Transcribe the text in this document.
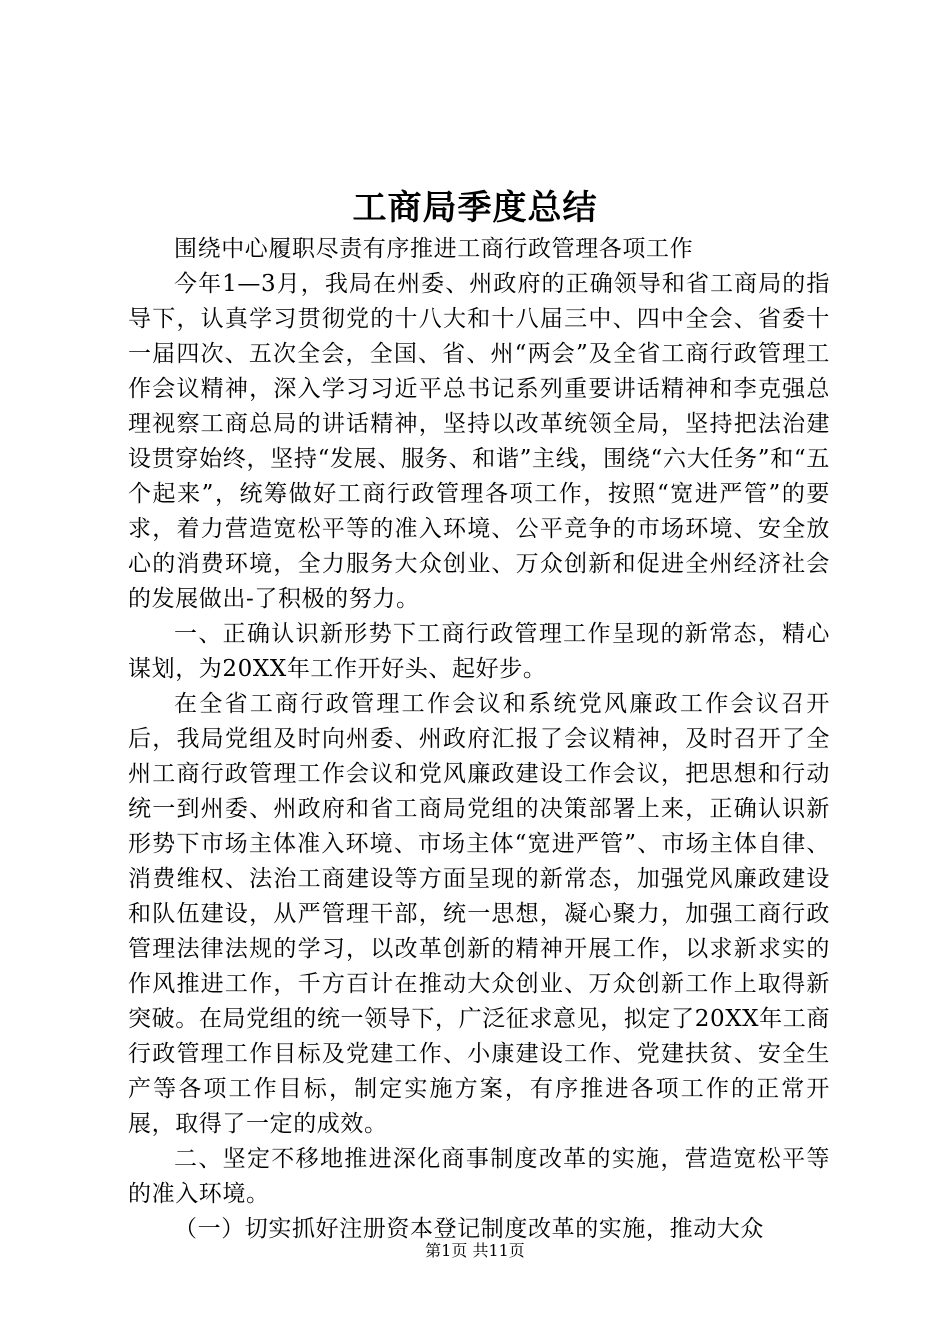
工商局季度总结

围绕中心履职尽责有序推进工商行政管理各项工作

今年1—3月，我局在州委、州政府的正确领导和省工商局的指导下，认真学习贯彻党的十八大和十八届三中、四中全会、省委十一届四次、五次全会，全国、省、州“两会”及全省工商行政管理工作会议精神，深入学习习近平总书记系列重要讲话精神和李克强总理视察工商总局的讲话精神，坚持以改革统领全局，坚持把法治建设贯穿始终，坚持“发展、服务、和谐”主线，围绕“六大任务”和“五个起来”，统筹做好工商行政管理各项工作，按照“宽进严管”的要求，着力营造宽松平等的准入环境、公平竞争的市场环境、安全放心的消费环境，全力服务大众创业、万众创新和促进全州经济社会的发展做出-了积极的努力。

一、正确认识新形势下工商行政管理工作呈现的新常态，精心谋划，为20XX年工作开好头、起好步。

在全省工商行政管理工作会议和系统党风廉政工作会议召开后，我局党组及时向州委、州政府汇报了会议精神，及时召开了全州工商行政管理工作会议和党风廉政建设工作会议，把思想和行动统一到州委、州政府和省工商局党组的决策部署上来，正确认识新形势下市场主体准入环境、市场主体“宽进严管”、市场主体自律、消费维权、法治工商建设等方面呈现的新常态，加强党风廉政建设和队伍建设，从严管理干部，统一思想，凝心聚力，加强工商行政管理法律法规的学习，以改革创新的精神开展工作，以求新求实的作风推进工作，千方百计在推动大众创业、万众创新工作上取得新突破。在局党组的统一领导下，广泛征求意见，拟定了20XX年工商行政管理工作目标及党建工作、小康建设工作、党建扶贫、安全生产等各项工作目标，制定实施方案，有序推进各项工作的正常开展，取得了一定的成效。

二、坚定不移地推进深化商事制度改革的实施，营造宽松平等的准入环境。

（一）切实抓好注册资本登记制度改革的实施，推动大众

第1页 共11页
